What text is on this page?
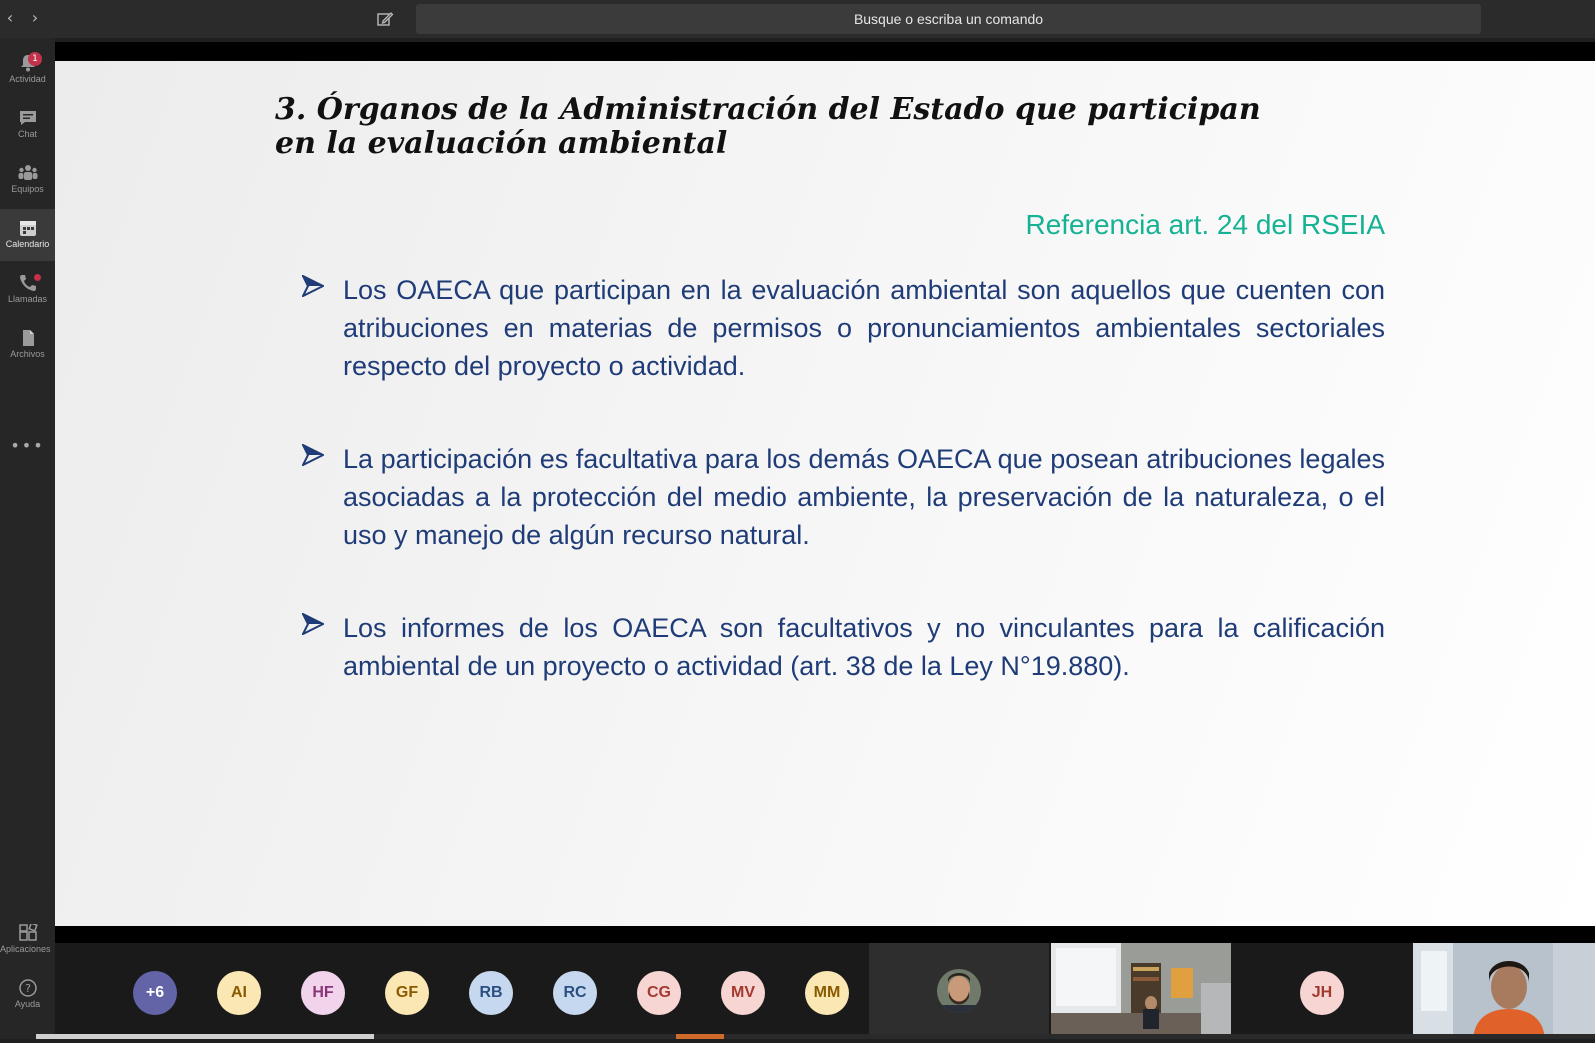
‹	›	Busque o escriba un comando
1
Actividad
Chat
Equipos
Calendario
Llamadas
Archivos
•••
Aplicaciones
?
Ayuda
3. Órganos de la Administración del Estado que participan en la evaluación ambiental
Referencia art. 24 del RSEIA
Los OAECA que participan en la evaluación ambiental son aquellos que cuenten con atribuciones en materias de permisos o pronunciamientos ambientales sectoriales respecto del proyecto o actividad.
La participación es facultativa para los demás OAECA que posean atribuciones legales asociadas a la protección del medio ambiente, la preservación de la naturaleza, o el uso y manejo de algún recurso natural.
Los informes de los OAECA son facultativos y no vinculantes para la calificación ambiental de un proyecto o actividad (art. 38 de la Ley N°19.880).
+6	AI	HF	GF	RB	RC	CG	MV	MM	JH
